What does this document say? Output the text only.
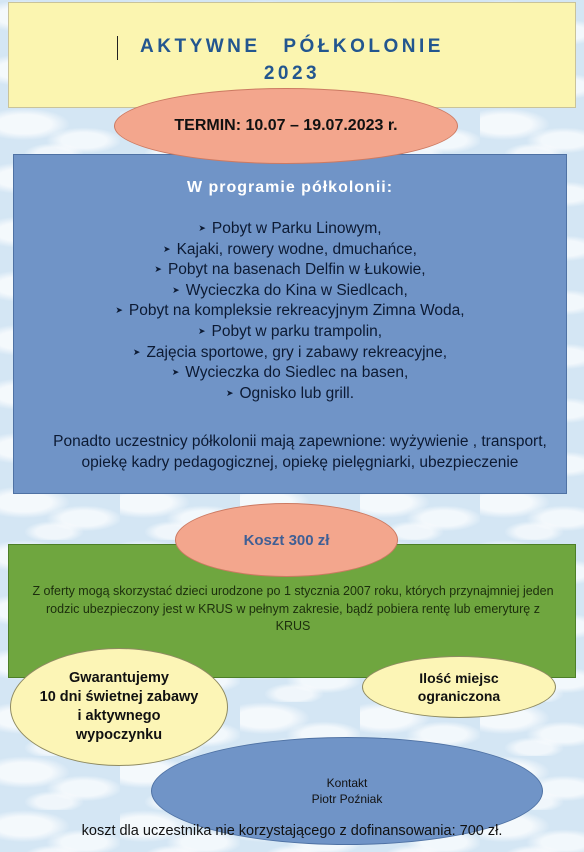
AKTYWNE PÓŁKOLONIE
2023
W programie półkolonii:
➤ Pobyt w Parku Linowym,
➤ Kajaki, rowery wodne, dmuchańce,
➤ Pobyt na basenach Delfin w Łukowie,
➤ Wycieczka do Kina w Siedlcach,
➤ Pobyt na kompleksie rekreacyjnym Zimna Woda,
➤ Pobyt w parku trampolin,
➤ Zajęcia sportowe, gry i zabawy rekreacyjne,
➤ Wycieczka do Siedlec na basen,
➤ Ognisko lub grill.
Ponadto uczestnicy półkolonii mają zapewnione: wyżywienie , transport, opiekę kadry pedagogicznej, opiekę pielęgniarki, ubezpieczenie
TERMIN: 10.07 – 19.07.2023 r.
Z oferty mogą skorzystać dzieci urodzone po 1 stycznia 2007 roku, których przynajmniej jeden rodzic ubezpieczony jest w KRUS w pełnym zakresie, bądź pobiera rentę lub emeryturę z KRUS
Koszt 300 zł
Gwarantujemy
10 dni świetnej zabawy
i aktywnego
wypoczynku
Ilość miejsc
ograniczona
Kontakt
Piotr Poźniak
koszt dla uczestnika nie korzystającego z dofinansowania: 700 zł.
